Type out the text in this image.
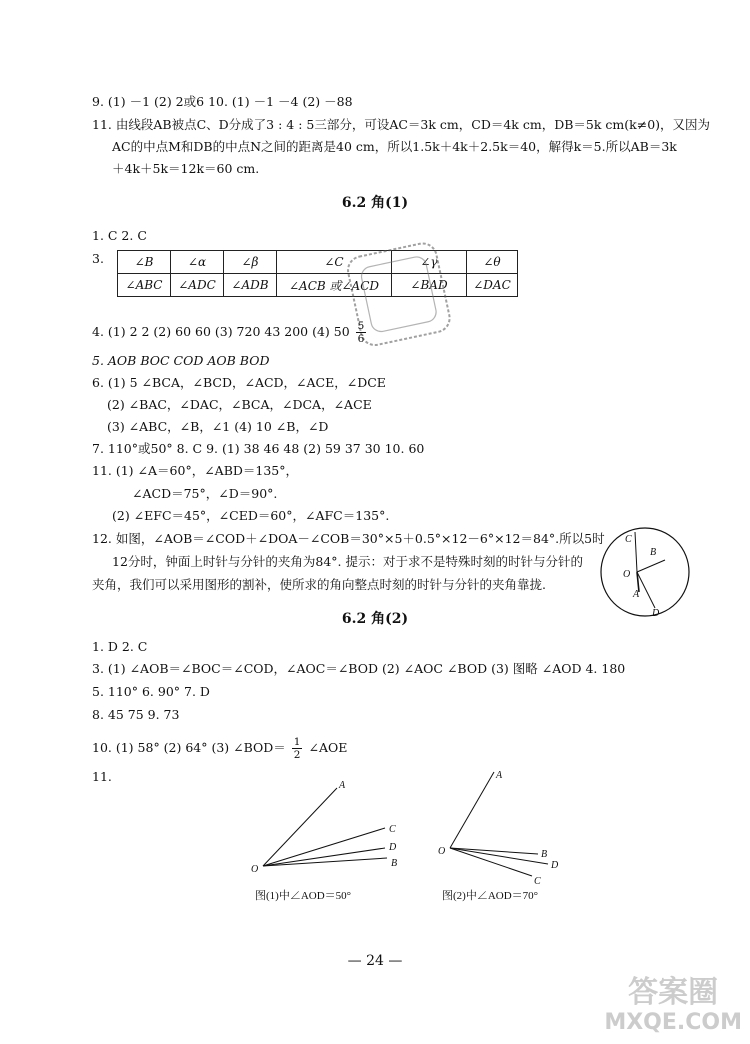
9. (1) －1 (2) 2或6 10. (1) －1 －4 (2) －88
11. 由线段AB被点C、D分成了3 : 4 : 5三部分，可设AC＝3k cm，CD＝4k cm，DB＝5k cm(k≠0)，又因为
AC的中点M和DB的中点N之间的距离是40 cm，所以1.5k＋4k＋2.5k＝40，解得k＝5.所以AB＝3k
＋4k＋5k＝12k＝60 cm.
6.2 角(1)
1. C 2. C
3.	∠B	∠α	∠β	∠C	∠γ	∠θ
∠ABC	∠ADC	∠ADB	∠ACB 或∠ACD	∠BAD	∠DAC
4. (1) 2 2 (2) 60 60 (3) 720 43 200 (4) $50 \frac{5}{6}$
5. AOB BOC COD AOB BOD
6. (1) 5 ∠BCA，∠BCD，∠ACD，∠ACE，∠DCE
(2) ∠BAC，∠DAC，∠BCA，∠DCA，∠ACE
(3) ∠ABC，∠B，∠1 (4) 10 ∠B，∠D
7. 110°或50° 8. C 9. (1) 38 46 48 (2) 59 37 30 10. 60
11. (1) ∠A＝60°，∠ABD＝135°，
∠ACD＝75°，∠D＝90°.
(2) ∠EFC＝45°，∠CED＝60°，∠AFC＝135°.
12. 如图，∠AOB＝∠COD＋∠DOA－∠COB＝30°×5＋0.5°×12－6°×12＝84°.所以5时
12分时，钟面上时针与分针的夹角为84°. 提示：对于求不是特殊时刻的时针与分针的
夹角，我们可以采用图形的割补，使所求的角向整点时刻的时针与分针的夹角靠拢.
C
B
O
A
D
6.2 角(2)
1. D 2. C
3. (1) ∠AOB＝∠BOC＝∠COD，∠AOC＝∠BOD (2) ∠AOC ∠BOD (3) 图略 ∠AOD 4. 180
5. 110° 6. 90° 7. D
8. 45 75 9. 73
10. (1) 58° (2) 64° (3) ∠BOD＝ $\frac{1}{2}$ ∠AOE
11.
A
C
D
B
O
图(1)中∠AOD＝50°
A
B
D
C
O
图(2)中∠AOD＝70°
— 24 —
答案圈
MXQE.COM
